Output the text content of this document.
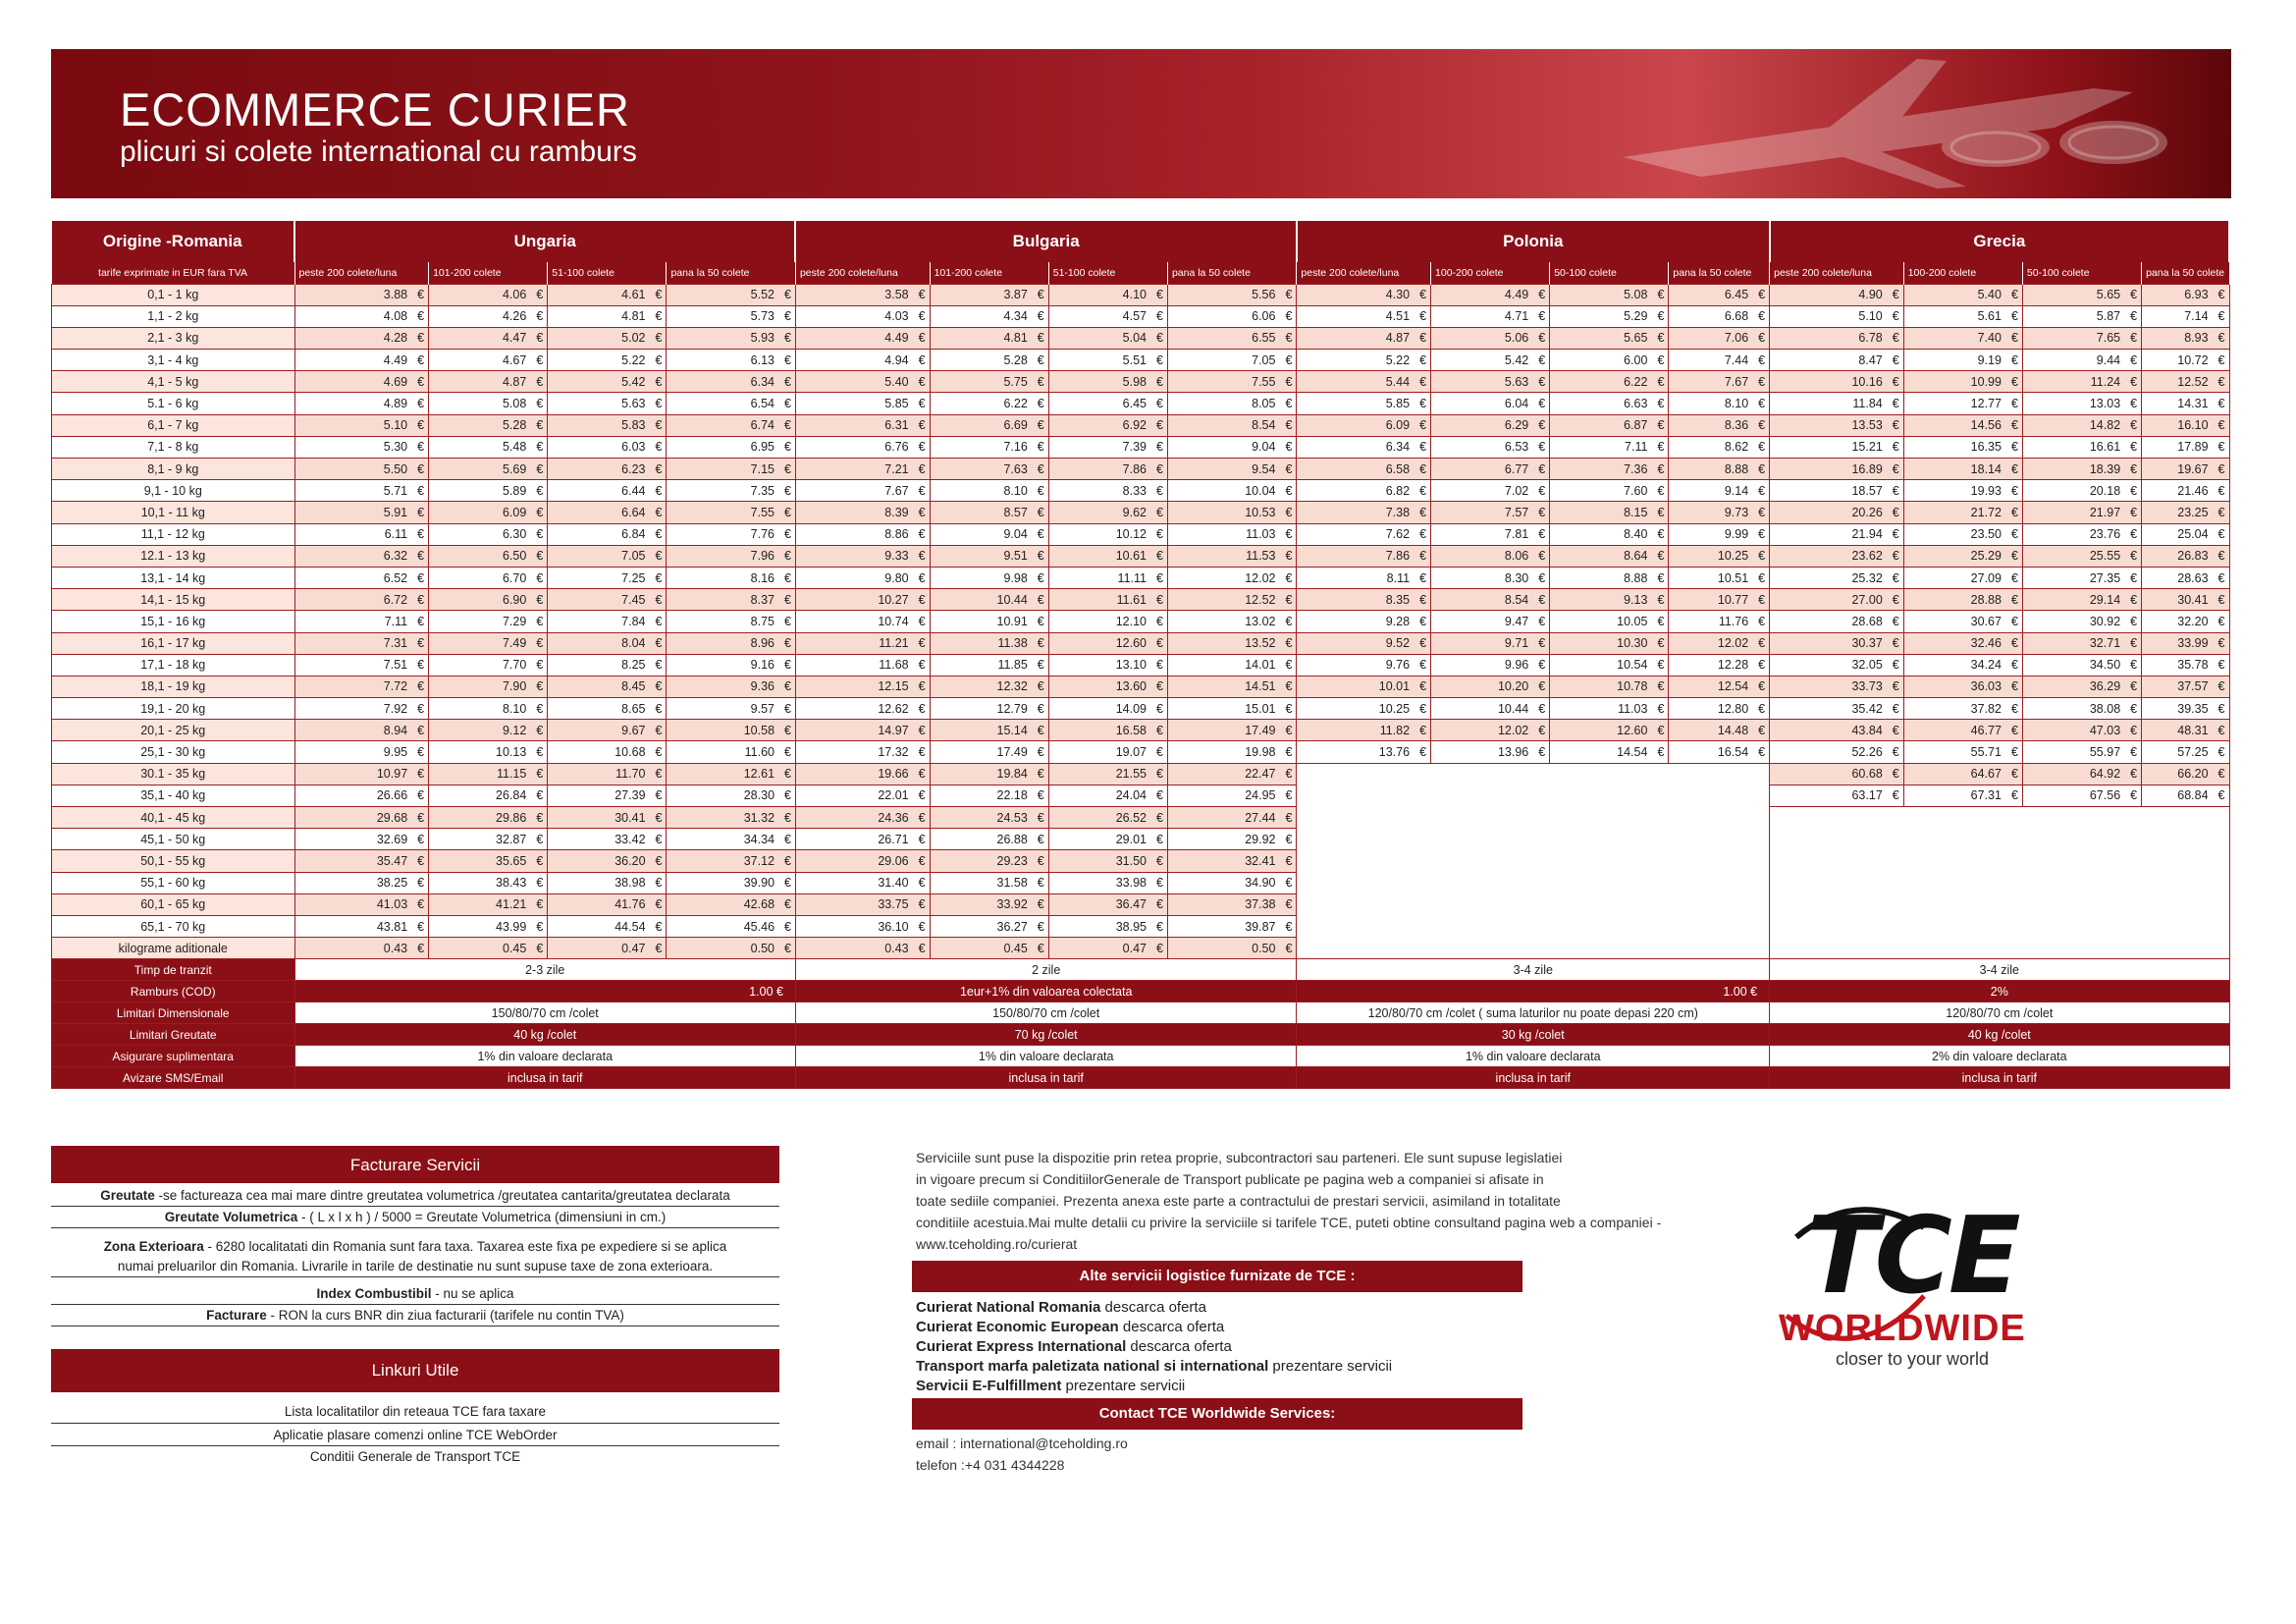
ECOMMERCE CURIER
plicuri si colete international cu ramburs
Origine -Romania	Ungaria				Bulgaria				Polonia				Grecia			
tarife exprimate in EUR fara TVA	peste 200 colete/luna	101-200 colete	51-100 colete	pana la 50 colete	peste 200 colete/luna	101-200 colete	51-100 colete	pana la 50 colete	peste 200 colete/luna	100-200 colete	50-100 colete	pana la 50 colete	peste 200 colete/luna	100-200 colete	50-100 colete	pana la 50 colete
0,1 - 1 kg	3.88 €	4.06 €	4.61 €	5.52 €	3.58 €	3.87 €	4.10 €	5.56 €	4.30 €	4.49 €	5.08 €	6.45 €	4.90 €	5.40 €	5.65 €	6.93 €
1,1 - 2 kg	4.08 €	4.26 €	4.81 €	5.73 €	4.03 €	4.34 €	4.57 €	6.06 €	4.51 €	4.71 €	5.29 €	6.68 €	5.10 €	5.61 €	5.87 €	7.14 €
2,1 - 3 kg	4.28 €	4.47 €	5.02 €	5.93 €	4.49 €	4.81 €	5.04 €	6.55 €	4.87 €	5.06 €	5.65 €	7.06 €	6.78 €	7.40 €	7.65 €	8.93 €
3,1 - 4 kg	4.49 €	4.67 €	5.22 €	6.13 €	4.94 €	5.28 €	5.51 €	7.05 €	5.22 €	5.42 €	6.00 €	7.44 €	8.47 €	9.19 €	9.44 €	10.72 €
4,1 - 5 kg	4.69 €	4.87 €	5.42 €	6.34 €	5.40 €	5.75 €	5.98 €	7.55 €	5.44 €	5.63 €	6.22 €	7.67 €	10.16 €	10.99 €	11.24 €	12.52 €
5.1 - 6 kg	4.89 €	5.08 €	5.63 €	6.54 €	5.85 €	6.22 €	6.45 €	8.05 €	5.85 €	6.04 €	6.63 €	8.10 €	11.84 €	12.77 €	13.03 €	14.31 €
6,1 - 7 kg	5.10 €	5.28 €	5.83 €	6.74 €	6.31 €	6.69 €	6.92 €	8.54 €	6.09 €	6.29 €	6.87 €	8.36 €	13.53 €	14.56 €	14.82 €	16.10 €
7,1 - 8 kg	5.30 €	5.48 €	6.03 €	6.95 €	6.76 €	7.16 €	7.39 €	9.04 €	6.34 €	6.53 €	7.11 €	8.62 €	15.21 €	16.35 €	16.61 €	17.89 €
8,1 - 9 kg	5.50 €	5.69 €	6.23 €	7.15 €	7.21 €	7.63 €	7.86 €	9.54 €	6.58 €	6.77 €	7.36 €	8.88 €	16.89 €	18.14 €	18.39 €	19.67 €
9,1 - 10 kg	5.71 €	5.89 €	6.44 €	7.35 €	7.67 €	8.10 €	8.33 €	10.04 €	6.82 €	7.02 €	7.60 €	9.14 €	18.57 €	19.93 €	20.18 €	21.46 €
10,1 - 11 kg	5.91 €	6.09 €	6.64 €	7.55 €	8.39 €	8.57 €	9.62 €	10.53 €	7.38 €	7.57 €	8.15 €	9.73 €	20.26 €	21.72 €	21.97 €	23.25 €
11,1 - 12 kg	6.11 €	6.30 €	6.84 €	7.76 €	8.86 €	9.04 €	10.12 €	11.03 €	7.62 €	7.81 €	8.40 €	9.99 €	21.94 €	23.50 €	23.76 €	25.04 €
12.1 - 13 kg	6.32 €	6.50 €	7.05 €	7.96 €	9.33 €	9.51 €	10.61 €	11.53 €	7.86 €	8.06 €	8.64 €	10.25 €	23.62 €	25.29 €	25.55 €	26.83 €
13,1 - 14 kg	6.52 €	6.70 €	7.25 €	8.16 €	9.80 €	9.98 €	11.11 €	12.02 €	8.11 €	8.30 €	8.88 €	10.51 €	25.32 €	27.09 €	27.35 €	28.63 €
14,1 - 15 kg	6.72 €	6.90 €	7.45 €	8.37 €	10.27 €	10.44 €	11.61 €	12.52 €	8.35 €	8.54 €	9.13 €	10.77 €	27.00 €	28.88 €	29.14 €	30.41 €
15,1 - 16 kg	7.11 €	7.29 €	7.84 €	8.75 €	10.74 €	10.91 €	12.10 €	13.02 €	9.28 €	9.47 €	10.05 €	11.76 €	28.68 €	30.67 €	30.92 €	32.20 €
16,1 - 17 kg	7.31 €	7.49 €	8.04 €	8.96 €	11.21 €	11.38 €	12.60 €	13.52 €	9.52 €	9.71 €	10.30 €	12.02 €	30.37 €	32.46 €	32.71 €	33.99 €
17,1 - 18 kg	7.51 €	7.70 €	8.25 €	9.16 €	11.68 €	11.85 €	13.10 €	14.01 €	9.76 €	9.96 €	10.54 €	12.28 €	32.05 €	34.24 €	34.50 €	35.78 €
18,1 - 19 kg	7.72 €	7.90 €	8.45 €	9.36 €	12.15 €	12.32 €	13.60 €	14.51 €	10.01 €	10.20 €	10.78 €	12.54 €	33.73 €	36.03 €	36.29 €	37.57 €
19,1 - 20 kg	7.92 €	8.10 €	8.65 €	9.57 €	12.62 €	12.79 €	14.09 €	15.01 €	10.25 €	10.44 €	11.03 €	12.80 €	35.42 €	37.82 €	38.08 €	39.35 €
20,1 - 25 kg	8.94 €	9.12 €	9.67 €	10.58 €	14.97 €	15.14 €	16.58 €	17.49 €	11.82 €	12.02 €	12.60 €	14.48 €	43.84 €	46.77 €	47.03 €	48.31 €
25,1 - 30 kg	9.95 €	10.13 €	10.68 €	11.60 €	17.32 €	17.49 €	19.07 €	19.98 €	13.76 €	13.96 €	14.54 €	16.54 €	52.26 €	55.71 €	55.97 €	57.25 €
30.1 - 35 kg	10.97 €	11.15 €	11.70 €	12.61 €	19.66 €	19.84 €	21.55 €	22.47 €					60.68 €	64.67 €	64.92 €	66.20 €
35,1 - 40 kg	26.66 €	26.84 €	27.39 €	28.30 €	22.01 €	22.18 €	24.04 €	24.95 €					63.17 €	67.31 €	67.56 €	68.84 €
40,1 - 45 kg	29.68 €	29.86 €	30.41 €	31.32 €	24.36 €	24.53 €	26.52 €	27.44 €								
45,1 - 50 kg	32.69 €	32.87 €	33.42 €	34.34 €	26.71 €	26.88 €	29.01 €	29.92 €								
50,1 - 55 kg	35.47 €	35.65 €	36.20 €	37.12 €	29.06 €	29.23 €	31.50 €	32.41 €								
55,1 - 60 kg	38.25 €	38.43 €	38.98 €	39.90 €	31.40 €	31.58 €	33.98 €	34.90 €								
60,1 - 65 kg	41.03 €	41.21 €	41.76 €	42.68 €	33.75 €	33.92 €	36.47 €	37.38 €								
65,1 - 70 kg	43.81 €	43.99 €	44.54 €	45.46 €	36.10 €	36.27 €	38.95 €	39.87 €								
kilograme aditionale	0.43 €	0.45 €	0.47 €	0.50 €	0.43 €	0.45 €	0.47 €	0.50 €								
Timp de tranzit	2-3 zile				2 zile				3-4 zile				3-4 zile			
Ramburs (COD)	1.00 €				1eur+1% din valoarea colectata				1.00 €				2%			
Limitari Dimensionale	150/80/70 cm /colet				150/80/70 cm /colet				120/80/70 cm /colet ( suma laturilor nu poate depasi 220 cm)				120/80/70 cm /colet			
Limitari Greutate	40 kg /colet				70 kg /colet				30 kg /colet				40 kg /colet			
Asigurare suplimentara	1% din valoare declarata				1% din valoare declarata				1% din valoare declarata				2% din valoare declarata			
Avizare SMS/Email	inclusa in tarif				inclusa in tarif				inclusa in tarif				inclusa in tarif			
Facturare Servicii
Greutate -se factureaza cea mai mare dintre greutatea volumetrica /greutatea cantarita/greutatea declarata
Greutate Volumetrica - ( L x l x h ) / 5000 = Greutate Volumetrica (dimensiuni in cm.)
Zona Exterioara - 6280 localitatati din Romania sunt fara taxa. Taxarea este fixa pe expediere si se aplica numai preluarilor din Romania. Livrarile in tarile de destinatie nu sunt supuse taxe de zona exterioara.
Index Combustibil - nu se aplica
Facturare - RON la curs BNR din ziua facturarii (tarifele nu contin TVA)
Linkuri Utile
Lista localitatilor din reteaua TCE fara taxare
Aplicatie plasare comenzi online TCE WebOrder
Conditii Generale de Transport TCE
Serviciile sunt puse la dispozitie prin retea proprie, subcontractori sau parteneri. Ele sunt supuse legislatiei
in vigoare precum si ConditiilorGenerale de Transport publicate pe pagina web a companiei si afisate in
toate sediile companiei. Prezenta anexa este parte a contractului de prestari servicii, asimiland in totalitate
conditiile acestuia.Mai multe detalii cu privire la serviciile si tarifele TCE, puteti obtine consultand pagina web a companiei -
www.tceholding.ro/curierat
Alte servicii logistice furnizate de TCE :
Curierat National Romania descarca oferta
Curierat Economic European descarca oferta
Curierat Express International descarca oferta
Transport marfa paletizata national si international prezentare servicii
Servicii E-Fulfillment prezentare servicii
Contact TCE Worldwide Services:
email : international@tceholding.ro
telefon :+4 031 4344228
TCE
WORLDWIDE
closer to your world
